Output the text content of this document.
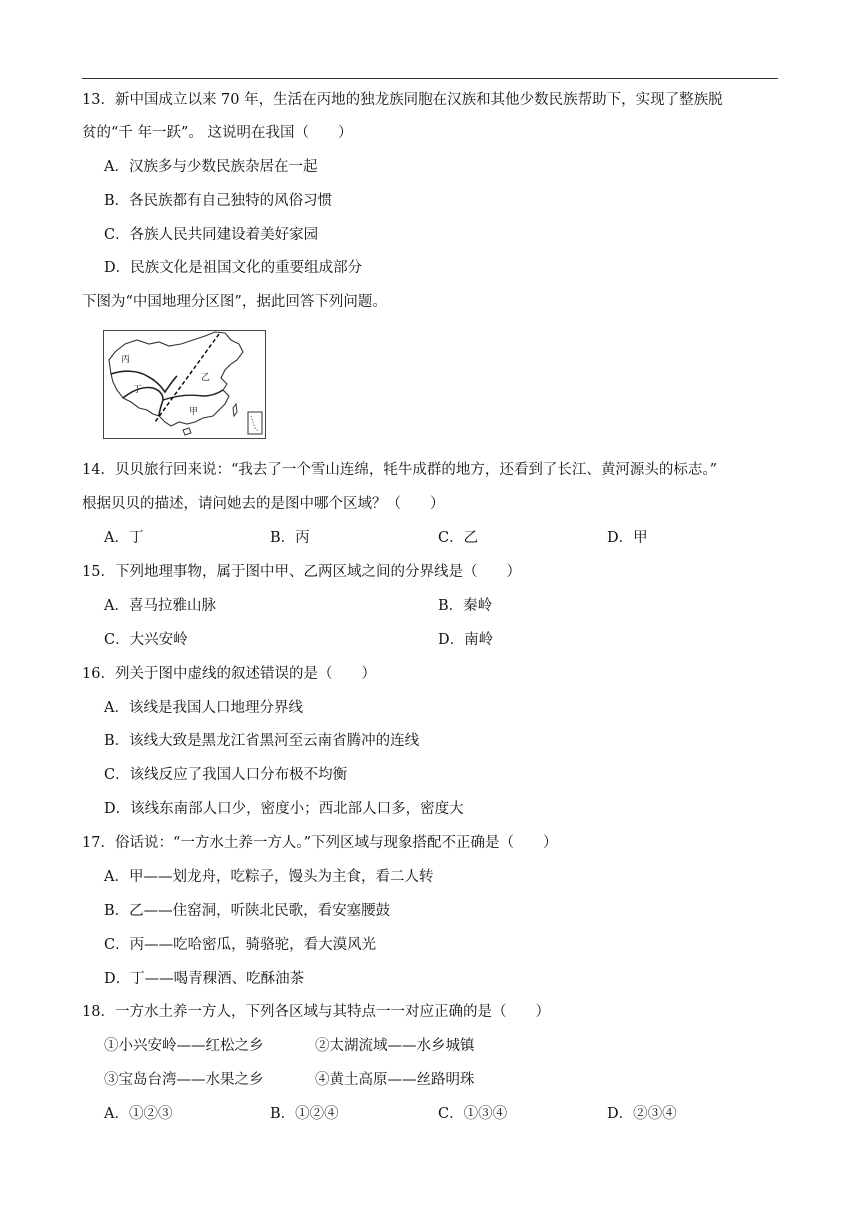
13．新中国成立以来 70 年，生活在丙地的独龙族同胞在汉族和其他少数民族帮助下，实现了整族脱
贫的“千 年一跃”。 这说明在我国（　　）
A．汉族多与少数民族杂居在一起
B．各民族都有自己独特的风俗习惯
C．各族人民共同建设着美好家园
D．民族文化是祖国文化的重要组成部分
下图为“中国地理分区图”，据此回答下列问题。
丙
丁
乙
甲
14．贝贝旅行回来说：“我去了一个雪山连绵，牦牛成群的地方，还看到了长江、黄河源头的标志。”
根据贝贝的描述，请问她去的是图中哪个区域？（　　）
A．丁	B．丙	C．乙	D．甲
15．下列地理事物，属于图中甲、乙两区域之间的分界线是（　　）
A．喜马拉雅山脉	B．秦岭
C．大兴安岭	D．南岭
16．列关于图中虚线的叙述错误的是（　　）
A．该线是我国人口地理分界线
B．该线大致是黑龙江省黑河至云南省腾冲的连线
C．该线反应了我国人口分布极不均衡
D．该线东南部人口少，密度小；西北部人口多，密度大
17．俗话说：“一方水土养一方人。”下列区域与现象搭配不正确是（　　）
A．甲——划龙舟，吃粽子，馒头为主食，看二人转
B．乙——住窑洞，听陕北民歌，看安塞腰鼓
C．丙——吃哈密瓜，骑骆驼，看大漠风光
D．丁——喝青稞酒、吃酥油茶
18．一方水土养一方人，下列各区域与其特点一一对应正确的是（　　）
①小兴安岭——红松之乡	②太湖流域——水乡城镇
③宝岛台湾——水果之乡	④黄土高原——丝路明珠
A．①②③	B．①②④	C．①③④	D．②③④
